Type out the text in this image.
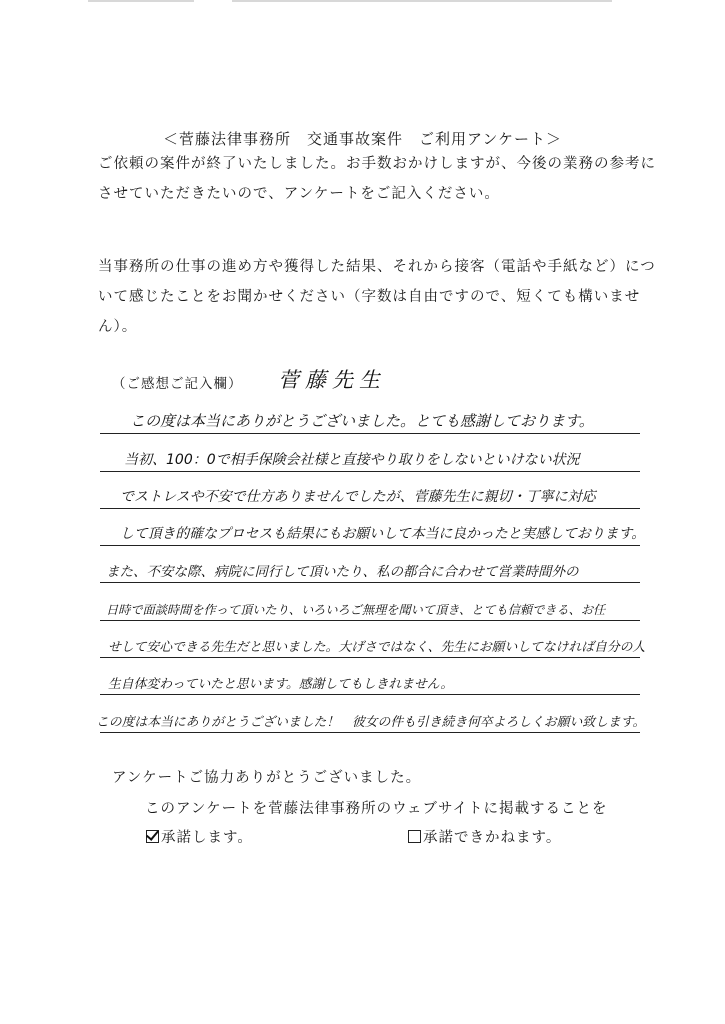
＜菅藤法律事務所　交通事故案件　ご利用アンケート＞

ご依頼の案件が終了いたしました。お手数おかけしますが、今後の業務の参考にさせていただきたいので、アンケートをご記入ください。

当事務所の仕事の進め方や獲得した結果、それから接客（電話や手紙など）について感じたことをお聞かせください（字数は自由ですので、短くても構いません）。

（ご感想ご記入欄） 菅藤先生
この度は本当にありがとうございました。とても感謝しております。
当初、100：0で相手保険会社様と直接やり取りをしないといけない状況
でストレスや不安で仕方ありませんでしたが、菅藤先生に親切・丁寧に対応
して頂き的確なプロセスも結果にもお願いして本当に良かったと実感しております。
また、不安な際、病院に同行して頂いたり、私の都合に合わせて営業時間外の
日時で面談時間を作って頂いたり、いろいろご無理を聞いて頂き、とても信頼できる、お任
せして安心できる先生だと思いました。大げさではなく、先生にお願いしてなければ自分の人
生自体変わっていたと思います。感謝してもしきれません。
この度は本当にありがとうございました！　彼女の件も引き続き何卒よろしくお願い致します。
アンケートご協力ありがとうございました。
このアンケートを菅藤法律事務所のウェブサイトに掲載することを
承諾します。	承諾できかねます。
